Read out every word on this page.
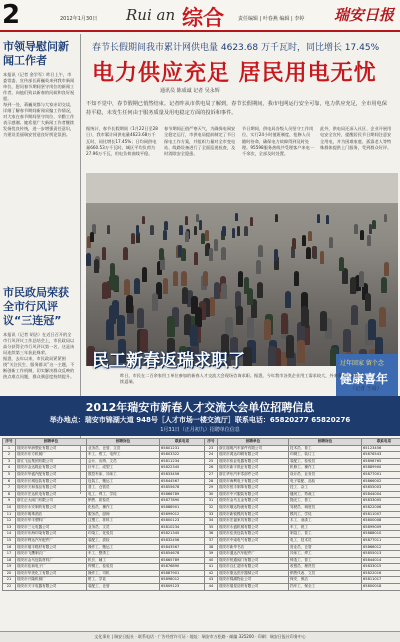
2	2012年1月30日 Rui an 综合	责任编辑 | 叶春燕 编辑 | 李婷 瑞安日报
市领导慰问新闻工作者
本报讯（记者 金学军）昨日上午，市委常委、宣传部长蒋巍英来到我市新闻单位，慰问春节期间坚守岗位的新闻工作者，向他们致以新春的问候和良好祝愿。
每到一处，蒋巍英都与大家亲切交谈，详细了解春节期间新闻采编工作情况，对大家在春节期间坚守岗位、辛勤工作表示感谢。她希望广大新闻工作者继续发扬优良传统，进一步增强责任意识，为建设美丽瑞安营造良好舆论氛围。
市民政局荣获全市行风评议“三连冠”
本报讯（记者 胡洁）在近日召开的全市行风评议工作总结会上，市民政局以高分获得全市行风评议第一名，这是该局连续第三年获此殊荣。
据悉，去年以来，市民政局紧紧围绕“关注民生、服务群众”这一主题，不断创新工作机制，切实解决群众反映的热点难点问题，群众满意度持续提升。
春节长假期间我市累计网供电量 4623.68 万千瓦时，同比增长 17.45%
电力供应充足 居民用电无忧
通讯员 陈成诚 记者 吴永辉
不知不觉中，春节假期已悄然结束。记者昨从市供电局了解到，春节长假期间，我市电网运行安全可靠，电力供应充足，全市用电保持平稳，未发生任何由于服务质量及用电稳定方面的投诉和事件。
据统计，春节长假期间（1月22日至28日），我市累计网供电量4623.68万千瓦时，同比增长17.45%；日均网供电量660.53万千瓦时。城区平均负荷为27.96万千瓦，用电负荷曲线平稳。
春节期间正值严寒天气，为确保电网安全稳定运行，市供电局提前制定了节日保电工作方案，并组织力量对全市变电站、线路设备进行了全面巡视检查，及时消除安全隐患。
节日期间，供电局各级人员坚守工作岗位，实行24小时值班制度，抢修人员随时待命，确保电力故障得到及时处理。95598服务热线共受理客户来电一千余次，全部及时处置。
此外，供电局还深入社区、企业开展用电安全宣传，提醒居民节日期间注意安全用电，并为困难家庭、孤寡老人等特殊群体提供上门服务，受到群众好评。
民工新春返瑞求职了	过年回家 留个念
健康喜年
昨日，市民在二百余家用工单位参加的新春人才交流大会现场咨询求职。据悉，今年我市各类企业用工需求较大，外来务工人员陆续返瑞。
（记者 王晨）
2012年瑞安市新春人才交流大会单位招聘信息
举办地点：瑞安市锦湖大道 948号［人才市场一楼交流厅］联系电话：65820277 65820276
1月31日（正月初九）招聘单位信息
序号	招聘单位	招聘岗位	联系电话	序号	招聘单位	招聘岗位	联系电话
1	瑞安市华润塑业有限公司	业务员、仓管、文员	65801231	23	浙江瑞明汽车部件有限公司	技术员、普工	65123456
2	瑞安市东方机械厂	车工、钳工、电焊工	65803322	24	瑞安市鸿达印刷有限公司	印刷工、装订工	65876543
3	浙江飞达集团有限公司	会计、出纳、文员	65811234	25	瑞安市伟业电器有限公司	装配工、检验员	65898765
4	瑞安市金达鞋业有限公司	针车工、成型工	65822345	26	瑞安市新宇纸业有限公司	机修工、操作工	65889900
5	瑞安市华盛汽配有限公司	数控车床、冲床工	65833456	27	浙江华东汽车零部件公司	设计员、业务员	65877001
6	瑞安市长城包装有限公司	包装工、搬运工	65844567	28	瑞安市海利电子有限公司	电子装配、品检	65866002
7	瑞安市天和食品有限公司	普工、仓管员	65855678	29	瑞安市恒丰制革有限公司	技工、杂工	65855003
8	瑞安市宏达机电有限公司	电工、焊工、学徒	65866789	30	瑞安市中兴服装有限公司	缝纫工、剪裁工	65844004
9	浙江正大阀门有限公司	销售、质检员	65877890	31	瑞安市金马五金有限公司	抛光工、普工	65833005
10	瑞安市永安制药有限公司	化验员、操作工	65888901	32	瑞安市顺达物流有限公司	驾驶员、调度员	65822006
11	瑞安市明珠酒店	服务员、厨师	65899012	33	瑞安市新锐模具有限公司	模具工、学徒	65811007
12	瑞安市华丰塑料厂	注塑工、拌料工	65800123	34	瑞安市宏福家具有限公司	木工、油漆工	65800008
13	瑞安市三元电器公司	业务员、文员	65810234	35	瑞安市永盛机械有限公司	车工、铣工	65899009
14	瑞安市东海印染有限公司	印染工、化验员	65821345	36	瑞安市佳美包装有限公司	制袋工、普工	65888010
15	瑞安市利达汽车配件厂	装配工、质检	65832456	37	瑞安市中南电气有限公司	电工、技术员	65877011
16	瑞安市瑞丰鞋材有限公司	操作工、搬运工	65843567	38	瑞安市新华书店	营业员、仓管	65866012
17	瑞安市飞鹰制衣厂	车工、整烫工	65854678	39	瑞安市通达汽车配件厂	冲床工、焊工	65855013
18	瑞安市金马包装材料厂	机长、辅工	65865789	40	瑞安市恒通阀门有限公司	铸造工、普工	65844014
19	瑞安市佳和电子厂	焊锡工、检验员	65876890	41	瑞安市百汇超市有限公司	收银员、理货员	65833015
20	瑞安市华美化工有限公司	操作工、司机	65887901	42	瑞安市康达医疗器械公司	销售代表、文员	65822016
21	瑞安市兴隆机械厂	钳工、学徒	65898012	43	瑞安市锦湖物业公司	保安、保洁	65811017
22	瑞安市天宇电器有限公司	装配工、仓管	65809123	44	瑞安市瑞星纺织有限公司	挡车工、保全工	65800018
文化事业 | 瑞安日报社 · 联系电话 · 广告经营许可证 · 地址：瑞安市万松路 · 邮编 325200 · 印刷：瑞安日报社印务中心
